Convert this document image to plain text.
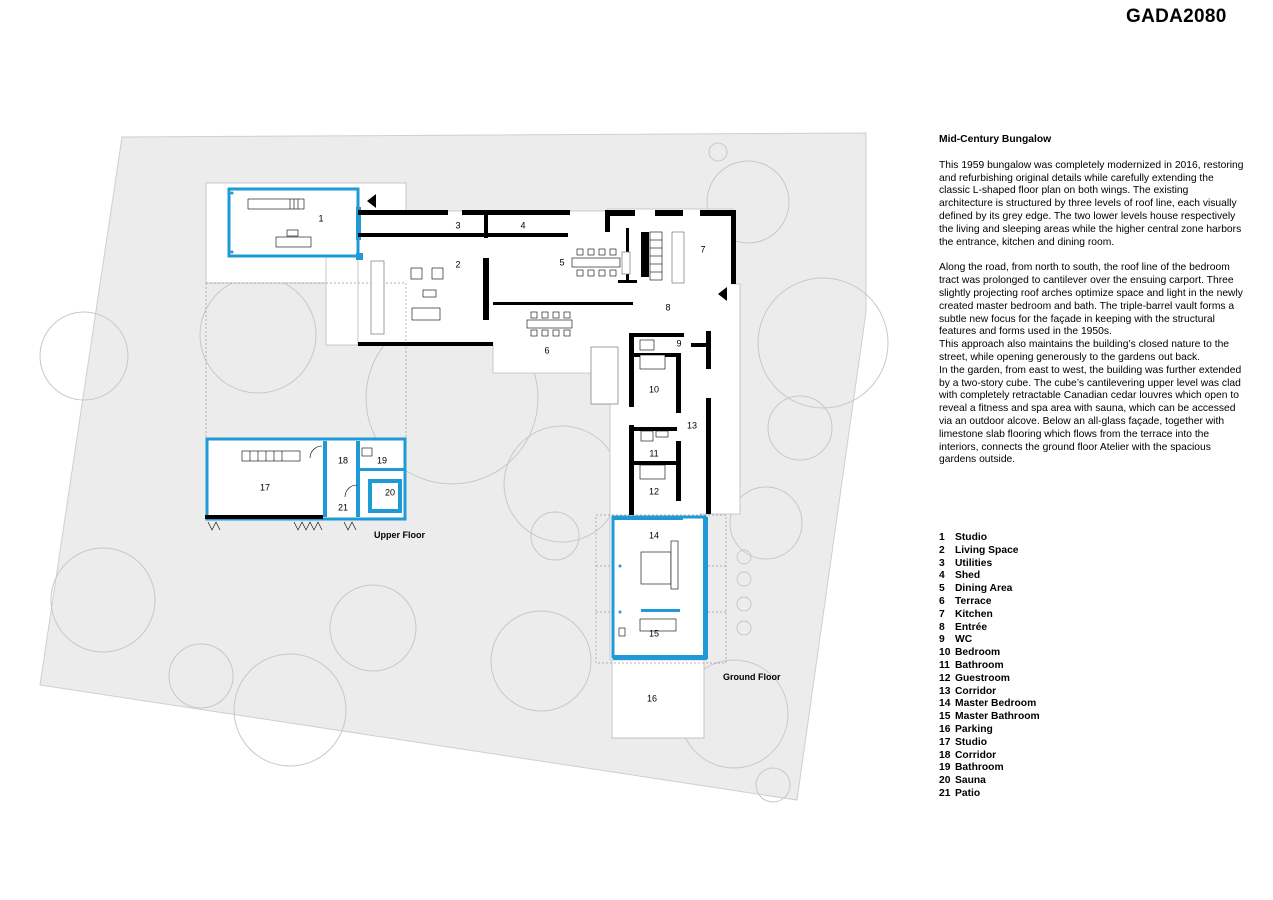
GADA2080
1
2
3	4
5
6
7
8
9
10
11
12
13
14
15
16
17
18	19
20
21
Upper Floor
Ground Floor
Mid-Century Bungalow

This 1959 bungalow was completely modernized in 2016, restoring and refurbishing original details while carefully extending the classic L-shaped floor plan on both wings. The existing architecture is structured by three levels of roof line, each visually defined by its grey edge. The two lower levels house respectively the living and sleeping areas while the higher central zone harbors the entrance, kitchen and dining room.

Along the road, from north to south, the roof line of the bedroom tract was prolonged to cantilever over the ensuing carport. Three slightly projecting roof arches optimize space and light in the newly created master bedroom and bath. The triple-barrel vault forms a subtle new focus for the façade in keeping with the structural features and forms used in the 1950s.

This approach also maintains the building’s closed nature to the street, while opening generously to the gardens out back.

In the garden, from east to west, the building was further extended by a two-story cube. The cube’s cantilevering upper level was clad with completely retractable Canadian cedar louvres which open to reveal a fitness and spa area with sauna, which can be accessed via an outdoor alcove. Below an all-glass façade, together with limestone slab flooring which flows from the terrace into the interiors, connects the ground floor Atelier with the spacious gardens outside.

1 Studio
2 Living Space
3 Utilities
4 Shed
5 Dining Area
6 Terrace
7 Kitchen
8 Entrée
9 WC
10 Bedroom
11 Bathroom
12 Guestroom
13 Corridor
14 Master Bedroom
15 Master Bathroom
16 Parking
17 Studio
18 Corridor
19 Bathroom
20 Sauna
21 Patio
